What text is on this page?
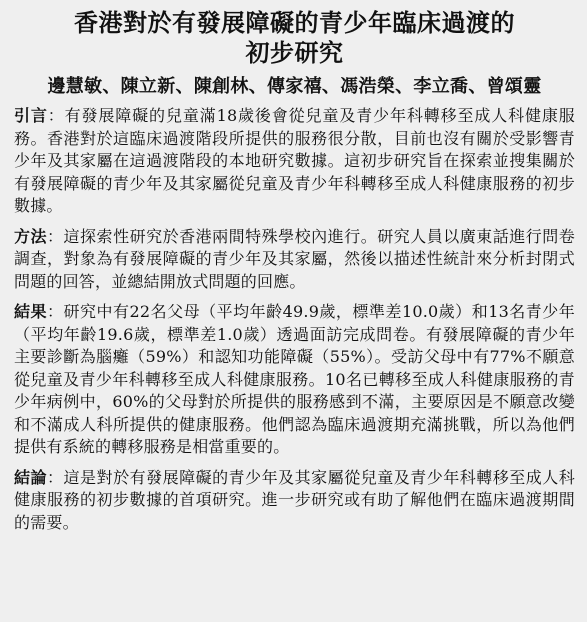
香港對於有發展障礙的青少年臨床過渡的
初步研究
邊慧敏、陳立新、陳創林、傳家禧、馮浩榮、李立喬、曾頌靈

引言：有發展障礙的兒童滿18歲後會從兒童及青少年科轉移至成人科健康服務。香港對於這臨床過渡階段所提供的服務很分散，目前也沒有關於受影響青少年及其家屬在這過渡階段的本地研究數據。這初步研究旨在探索並搜集關於有發展障礙的青少年及其家屬從兒童及青少年科轉移至成人科健康服務的初步數據。

方法：這探索性研究於香港兩間特殊學校內進行。研究人員以廣東話進行問卷調查，對象為有發展障礙的青少年及其家屬，然後以描述性統計來分析封閉式問題的回答，並總結開放式問題的回應。

結果：研究中有22名父母（平均年齡49.9歲，標準差10.0歲）和13名青少年（平均年齡19.6歲，標準差1.0歲）透過面訪完成問卷。有發展障礙的青少年主要診斷為腦癱（59%）和認知功能障礙（55%）。受訪父母中有77%不願意從兒童及青少年科轉移至成人科健康服務。10名已轉移至成人科健康服務的青少年病例中，60%的父母對於所提供的服務感到不滿，主要原因是不願意改變和不滿成人科所提供的健康服務。他們認為臨床過渡期充滿挑戰，所以為他們提供有系統的轉移服務是相當重要的。

結論：這是對於有發展障礙的青少年及其家屬從兒童及青少年科轉移至成人科健康服務的初步數據的首項研究。進一步研究或有助了解他們在臨床過渡期間的需要。
